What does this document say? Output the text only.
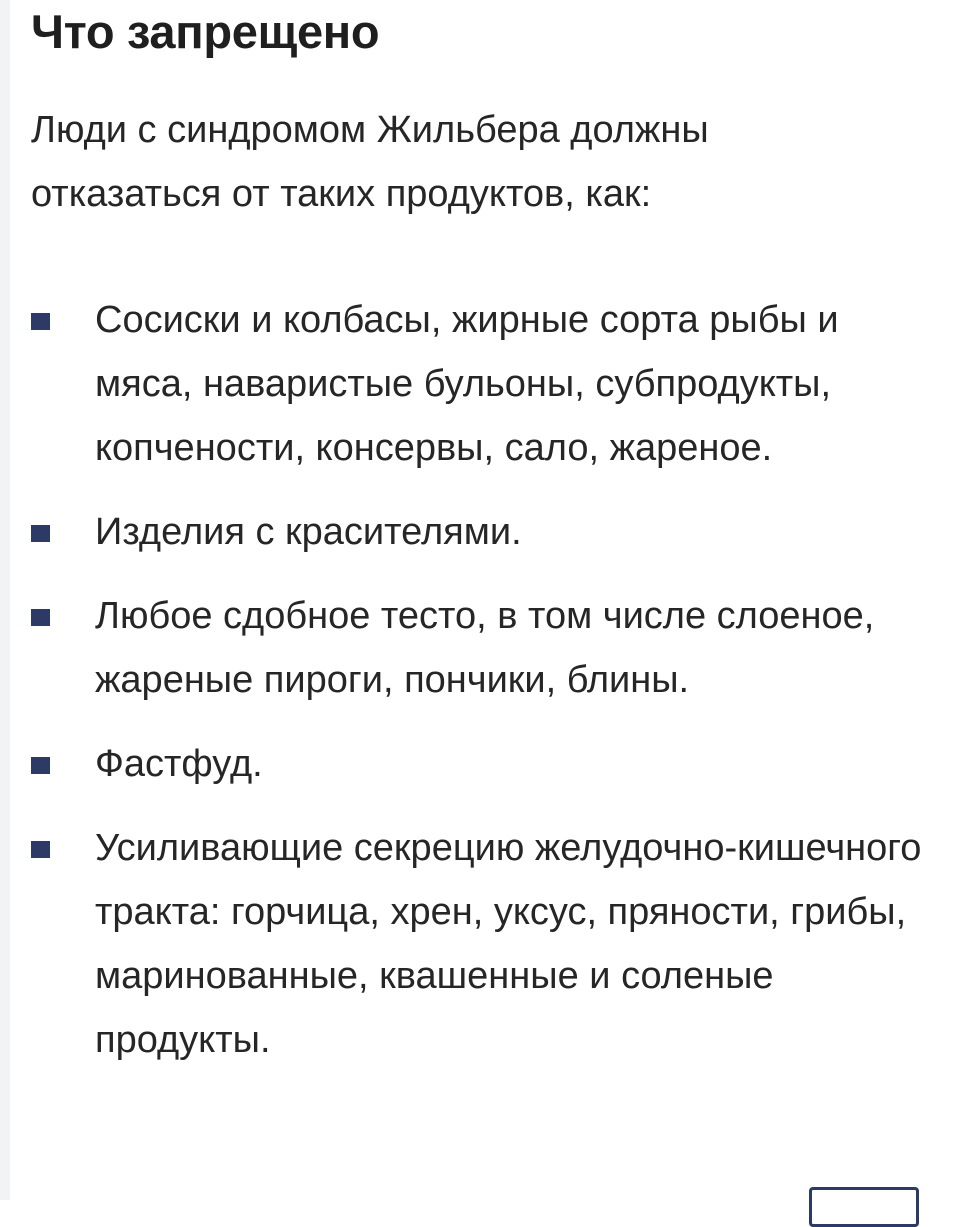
Что запрещено

Люди с синдромом Жильбера должны отказаться от таких продуктов, как:

Сосиски и колбасы, жирные сорта рыбы и мяса, наваристые бульоны, субпродукты, копчености, консервы, сало, жареное.
Изделия с красителями.
Любое сдобное тесто, в том числе слоеное, жареные пироги, пончики, блины.
Фастфуд.
Усиливающие секрецию желудочно-кишечного тракта: горчица, хрен, уксус, пряности, грибы, маринованные, квашенные и соленые продукты.
